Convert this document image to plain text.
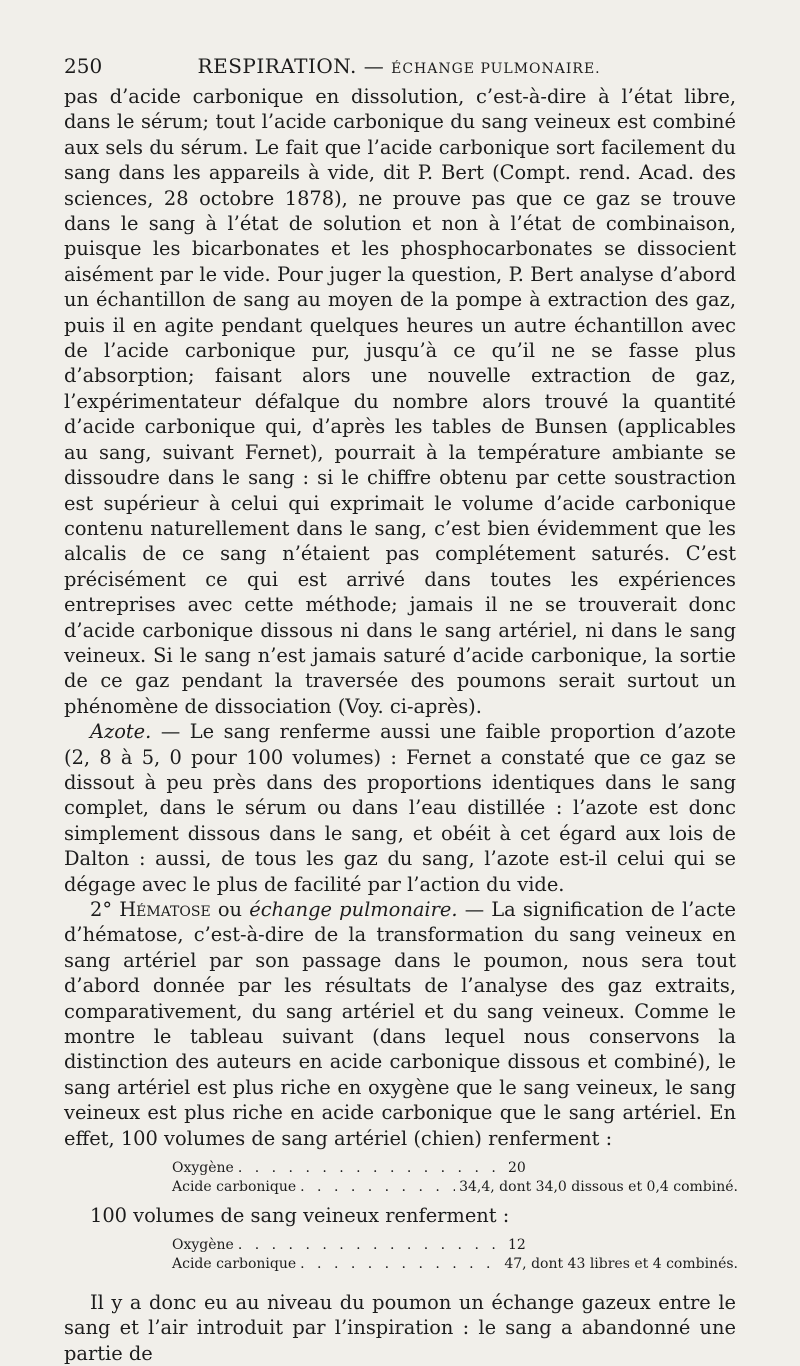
250	RESPIRATION. — ÉCHANGE PULMONAIRE.

pas d’acide carbonique en dissolution, c’est-à-dire à l’état libre, dans le sérum; tout l’acide carbonique du sang veineux est combiné aux sels du sérum. Le fait que l’acide carbonique sort facilement du sang dans les appareils à vide, dit P. Bert (Compt. rend. Acad. des sciences, 28 octobre 1878), ne prouve pas que ce gaz se trouve dans le sang à l’état de solution et non à l’état de combinaison, puisque les bicarbonates et les phosphocarbonates se dissocient aisément par le vide. Pour juger la question, P. Bert analyse d’abord un échantillon de sang au moyen de la pompe à extraction des gaz, puis il en agite pendant quelques heures un autre échantillon avec de l’acide carbonique pur, jusqu’à ce qu’il ne se fasse plus d’absorption; faisant alors une nouvelle extraction de gaz, l’expérimentateur défalque du nombre alors trouvé la quantité d’acide carbonique qui, d’après les tables de Bunsen (applicables au sang, suivant Fernet), pourrait à la température ambiante se dissoudre dans le sang : si le chiffre obtenu par cette soustraction est supérieur à celui qui exprimait le volume d’acide carbonique contenu naturellement dans le sang, c’est bien évidemment que les alcalis de ce sang n’étaient pas complétement saturés. C’est précisément ce qui est arrivé dans toutes les expériences entreprises avec cette méthode; jamais il ne se trouverait donc d’acide carbonique dissous ni dans le sang artériel, ni dans le sang veineux. Si le sang n’est jamais saturé d’acide carbonique, la sortie de ce gaz pendant la traversée des poumons serait surtout un phénomène de dissociation (Voy. ci-après).

Azote. — Le sang renferme aussi une faible proportion d’azote (2, 8 à 5, 0 pour 100 volumes) : Fernet a constaté que ce gaz se dissout à peu près dans des proportions identiques dans le sang complet, dans le sérum ou dans l’eau distillée : l’azote est donc simplement dissous dans le sang, et obéit à cet égard aux lois de Dalton : aussi, de tous les gaz du sang, l’azote est-il celui qui se dégage avec le plus de facilité par l’action du vide.

2° Hématose ou échange pulmonaire. — La signification de l’acte d’hématose, c’est-à-dire de la transformation du sang veineux en sang artériel par son passage dans le poumon, nous sera tout d’abord donnée par les résultats de l’analyse des gaz extraits, comparativement, du sang artériel et du sang veineux. Comme le montre le tableau suivant (dans lequel nous conservons la distinction des auteurs en acide carbonique dissous et combiné), le sang artériel est plus riche en oxygène que le sang veineux, le sang veineux est plus riche en acide carbonique que le sang artériel. En effet, 100 volumes de sang artériel (chien) renferment :

Oxygène . . .	20
Acide carbonique . . .	34,4, dont 34,0 dissous et 0,4 combiné.
100 volumes de sang veineux renferment :
Oxygène . . .	12
Acide carbonique . . .	47, dont 43 libres et 4 combinés.

Il y a donc eu au niveau du poumon un échange gazeux entre le sang et l’air introduit par l’inspiration : le sang a abandonné une partie de
